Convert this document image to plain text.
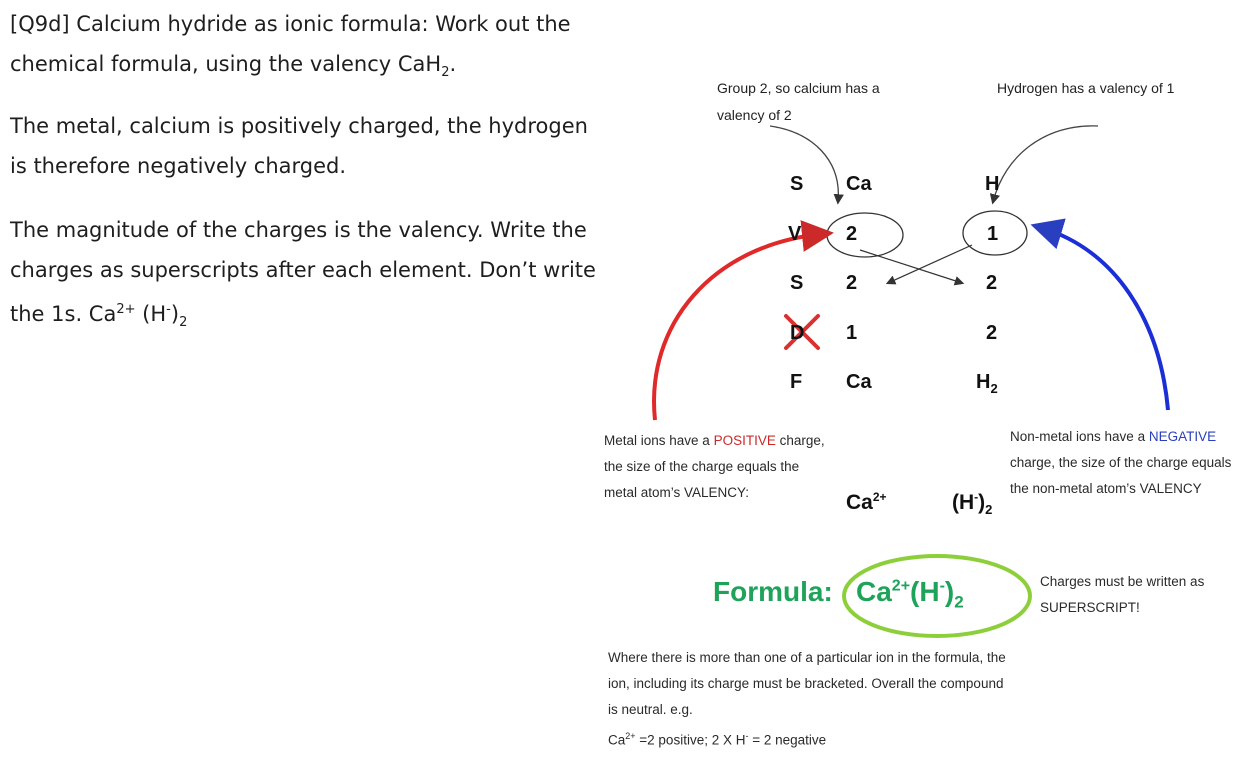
[Q9d] Calcium hydride as ionic formula: Work out the chemical formula, using the valency CaH$_2$.

The metal, calcium is positively charged, the hydrogen is therefore negatively charged.

The magnitude of the charges is the valency. Write the charges as superscripts after each element. Don’t write the 1s. $Ca^{2+}$ $(H^-)_2$

Group 2, so calcium has a valency of 2

Hydrogen has a valency of 1

S
V
S
D
F
Ca
2
2
1
Ca
H
1
2
2
$H_2$

Metal ions have a POSITIVE charge, the size of the charge equals the metal atom’s VALENCY:

Non-metal ions have a NEGATIVE charge, the size of the charge equals the non-metal atom’s VALENCY

$Ca^{2+}$	$(H^-)_2$
Formula: $Ca^{2+}(H^-)_2$

Charges must be written as SUPERSCRIPT!

Where there is more than one of a particular ion in the formula, the ion, including its charge must be bracketed. Overall the compound is neutral. e.g.
$Ca^{2+} =2$ positive; 2 X H- = 2 negative
